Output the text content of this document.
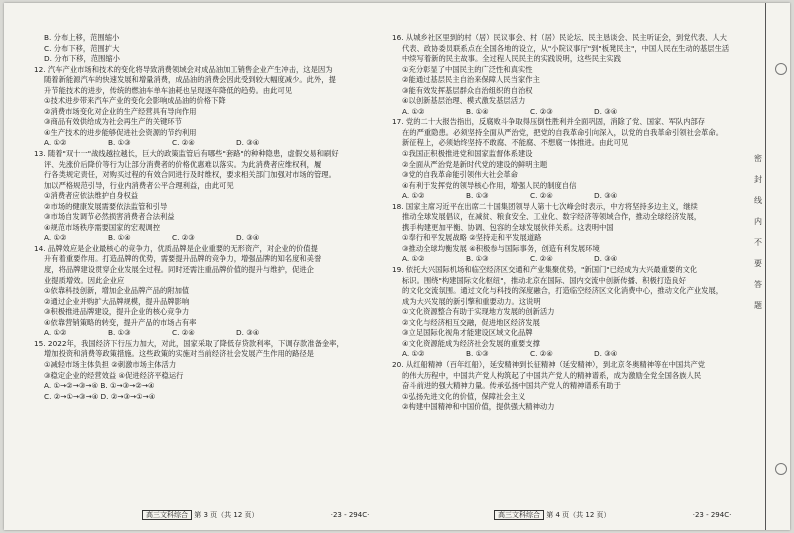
B. 分布上移，范围缩小
C. 分布下移，范围扩大
D. 分布下移，范围缩小
12. 汽车产业市场和技术的变化将导致消费领域会对成品油加工销售企业产生冲击，这是因为
随着新能源汽车的快速发展和增量消费，成品油的消费会因此受到较大幅度减少。此外，提
升节能技术的进步，传统的燃油车单车油耗也呈现逐年降低的趋势。由此可见
①技术进步带来汽车产业的变化会影响成品油的价格下降
②消费市场变化对企业的生产经营具有导向作用
③商品有效供给成为社会再生产的关键环节
④生产技术的进步能够促进社会资源的节约利用
A. ①②	B. ①③	C. ②④	D. ③④
13. 随着"双十一"战线越拉越长，巨大的政策监管后有哪些"套路"的种种隐患，虚假交易和刷好
评、先涨价后降价等行为让部分消费者的价格优惠难以落实。为此消费者应维权利，履
行各类规定责任，对购买过程的有效合同进行及时维权，要求相关部门加强对市场的管理。
加以严格规范引导，行业内消费者公平合理利益，由此可见
①消费者应依法维护自身权益
②市场的健康发展需要依法监管和引导
③市场自发调节必然损害消费者合法利益
④规范市场秩序需要国家的宏观调控
A. ①②	B. ①④	C. ②③	D. ③④
14. 品牌效应是企业最核心的竞争力，优质品牌是企业重要的无形资产，对企业的价值提
升有着重要作用。打造品牌的优势，需要提升品牌的竞争力，增强品牌的知名度和美誉
度，将品牌建设贯穿企业发展全过程。同时还需注重品牌价值的提升与维护，促进企
业提质增效。因此企业应
①依靠科技创新，增加企业品牌产品的附加值
②通过企业并购扩大品牌规模，提升品牌影响
③积极推进品牌建设，提升企业的核心竞争力
④依靠营销策略的转变，提升产品的市场占有率
A. ①②	B. ①③	C. ②④	D. ③④
15. 2022年，我国经济下行压力加大，对此，国家采取了降低存贷款利率，下调存款准备金率，
增加投资和消费等政策措施。这些政策的实施对当前经济社会发展产生作用的路径是
①减轻市场主体负担 ②刺激市场主体活力
③稳定企业的经营效益 ④促进经济平稳运行
A. ①→②→③→④ B. ①→③→②→④
C. ②→①→③→④ D. ②→③→①→④
16. 从城乡社区里到的村（居）民议事会、村（居）民论坛、民主恳谈会、民主听证会，到党代表、人大
代表、政协委员联系点在全国各地的设立，从"小院议事厅"到"板凳民主"，中国人民在生动的基层生活
中续写着新的民主故事。全过程人民民主的实践说明，这些民主实践
①充分彰显了中国民主的广泛性和真实性
②能通过基层民主自治来保障人民当家作主
③能有效发挥基层群众自治组织的自治权
④以创新基层治理、模式激发基层活力
A. ①②	B. ①④	C. ②③	D. ③④
17. 党的二十大报告指出，反腐败斗争取得压倒性胜利并全面巩固，消除了党、国家、军队内部存
在的严重隐患。必须坚持全面从严治党，把党的自我革命引向深入，以党的自我革命引领社会革命。
新征程上，必须始终坚持不敢腐、不能腐、不想腐一体推进。由此可见
①我国正积极推进党和国家监督体系建设
②全面从严治党是新时代党的建设的鲜明主题
③党的自我革命能引领伟大社会革命
④有利于发挥党的领导核心作用，增强人民的制度自信
A. ①②	B. ①③	C. ②④	D. ③④
18. 国家主席习近平在出席二十国集团领导人第十七次峰会时表示，中方将坚持多边主义，继续
推动全球发展倡议，在减贫、粮食安全、工业化、数字经济等领域合作，推动全球经济发展，
携手构建更加平衡、协调、包容的全球发展伙伴关系。这表明中国
①奉行和平发展战略 ②坚持走和平发展道路
③推动全球均衡发展 ④积极参与国际事务，创造有利发展环境
A. ①②	B. ①③	C. ②④	D. ③④
19. 依托大兴国际机场和临空经济区交通和产业集聚优势，"新国门"已经成为大兴最重要的文化
标识。围绕"构建国际文化枢纽"，推动北京在国际、国内交流中创新传播、积极打造良好
的文化交流氛围。通过文化与科技的深度融合，打造临空经济区文化消费中心，推动文化产业发展，
成为大兴发展的新引擎和重要动力。这说明
①文化资源整合有助于实现地方发展的创新活力
②文化与经济相互交融，促进地区经济发展
③立足国际化视角才能建设区域文化品牌
④文化资源能成为经济社会发展的重要支撑
A. ①②	B. ①③	C. ②④	D. ③④
20. 从红船精神（百年红船），延安精神到长征精神（延安精神），到北京冬奥精神等在中国共产党
的伟大历程中，中国共产党人构筑起了中国共产党人的精神谱系，成为激励全党全国各族人民
奋斗前进的强大精神力量。传承弘扬中国共产党人的精神谱系有助于
①弘扬先进文化的价值，保障社会主义
②构建中国精神和中国价值，提供强大精神动力
高三文科综合 第 3 页（共 12 页）	·23 - 294C·	高三文科综合 第 4 页（共 12 页）	·23 - 294C·
密
封
线
内
不
要
答
题
